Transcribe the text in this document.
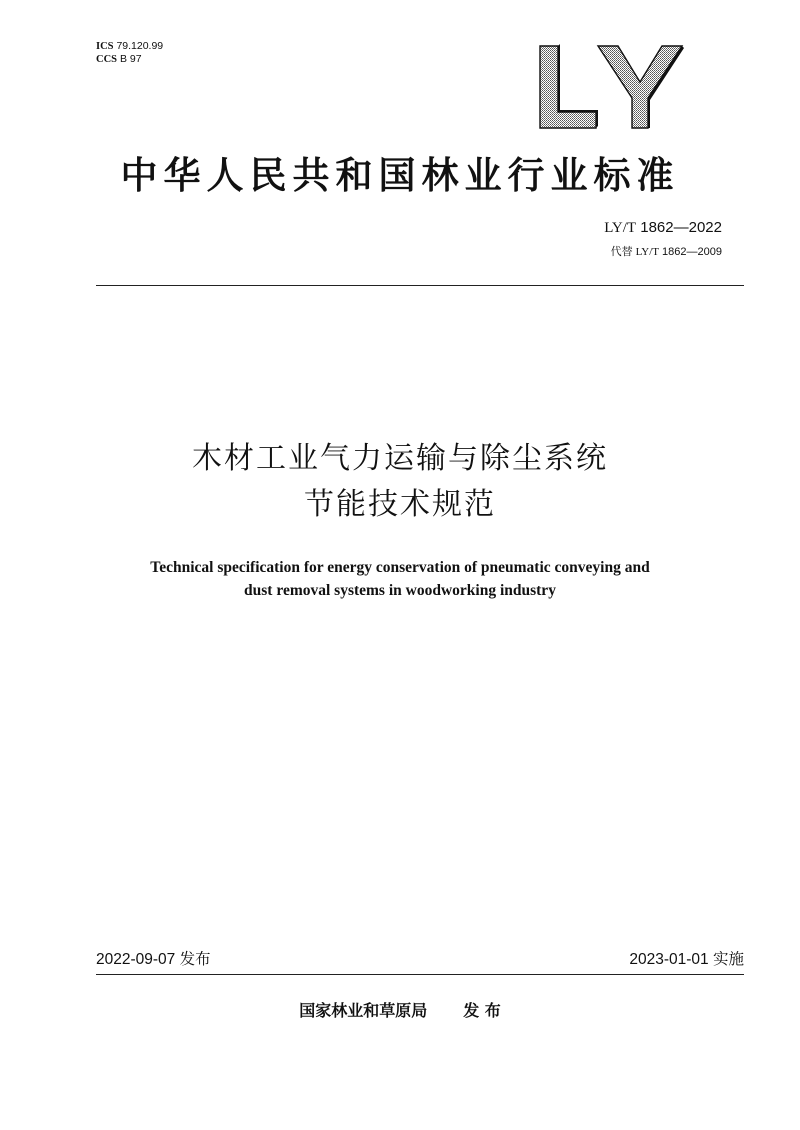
ICS 79.120.99
CCS B 97
LY
中华人民共和国林业行业标准
LY/T 1862—2022
代替 LY/T 1862—2009
木材工业气力运输与除尘系统
节能技术规范
Technical specification for energy conservation of pneumatic conveying and
dust removal systems in woodworking industry
2022-09-07 发布	2023-01-01 实施
国家林业和草原局 发 布
